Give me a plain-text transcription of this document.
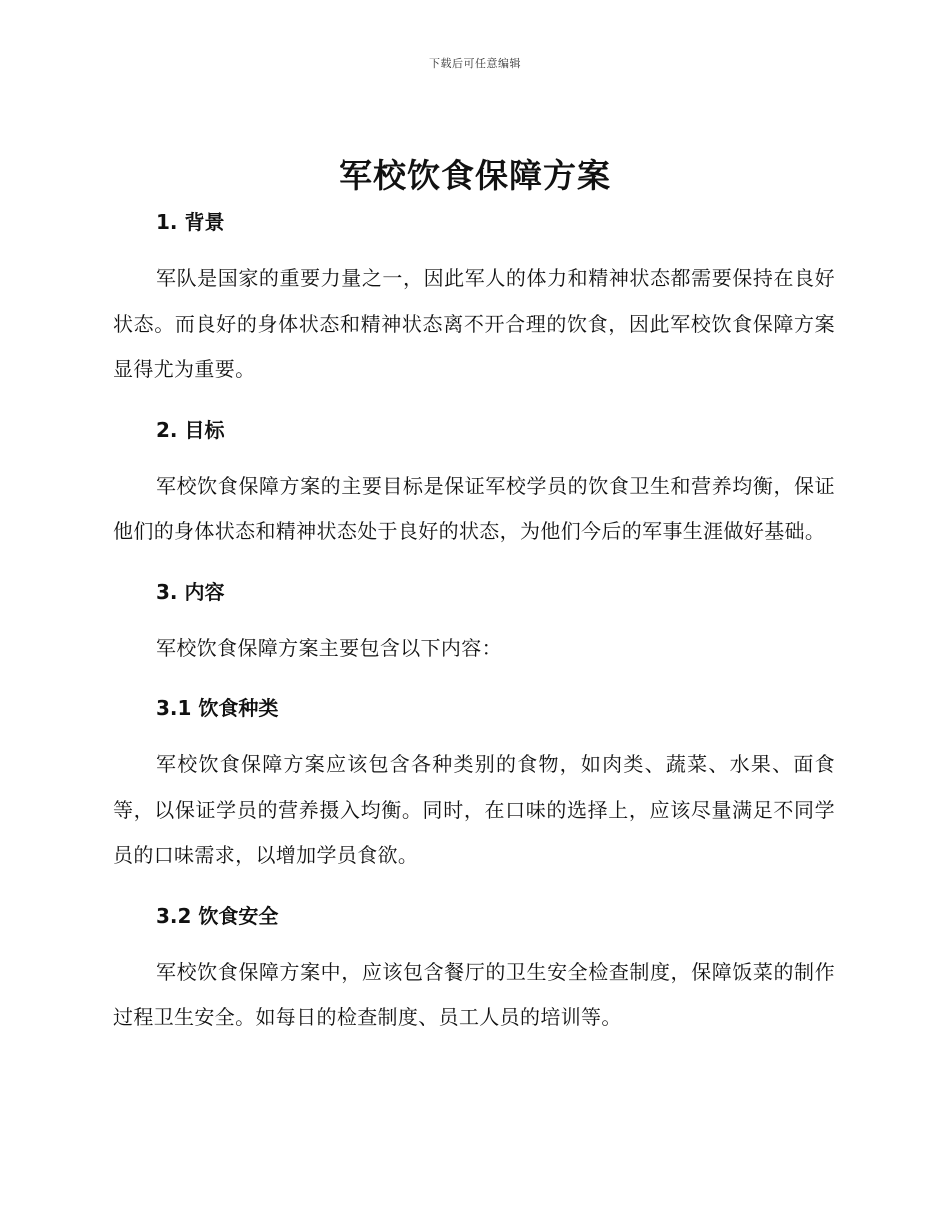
下载后可任意编辑
军校饮食保障方案
1. 背景

军队是国家的重要力量之一，因此军人的体力和精神状态都需要保持在良好状态。而良好的身体状态和精神状态离不开合理的饮食，因此军校饮食保障方案显得尤为重要。

2. 目标

军校饮食保障方案的主要目标是保证军校学员的饮食卫生和营养均衡，保证他们的身体状态和精神状态处于良好的状态，为他们今后的军事生涯做好基础。

3. 内容

军校饮食保障方案主要包含以下内容：

3.1 饮食种类

军校饮食保障方案应该包含各种类别的食物，如肉类、蔬菜、水果、面食等，以保证学员的营养摄入均衡。同时，在口味的选择上，应该尽量满足不同学员的口味需求，以增加学员食欲。

3.2 饮食安全

军校饮食保障方案中，应该包含餐厅的卫生安全检查制度，保障饭菜的制作过程卫生安全。如每日的检查制度、员工人员的培训等。
